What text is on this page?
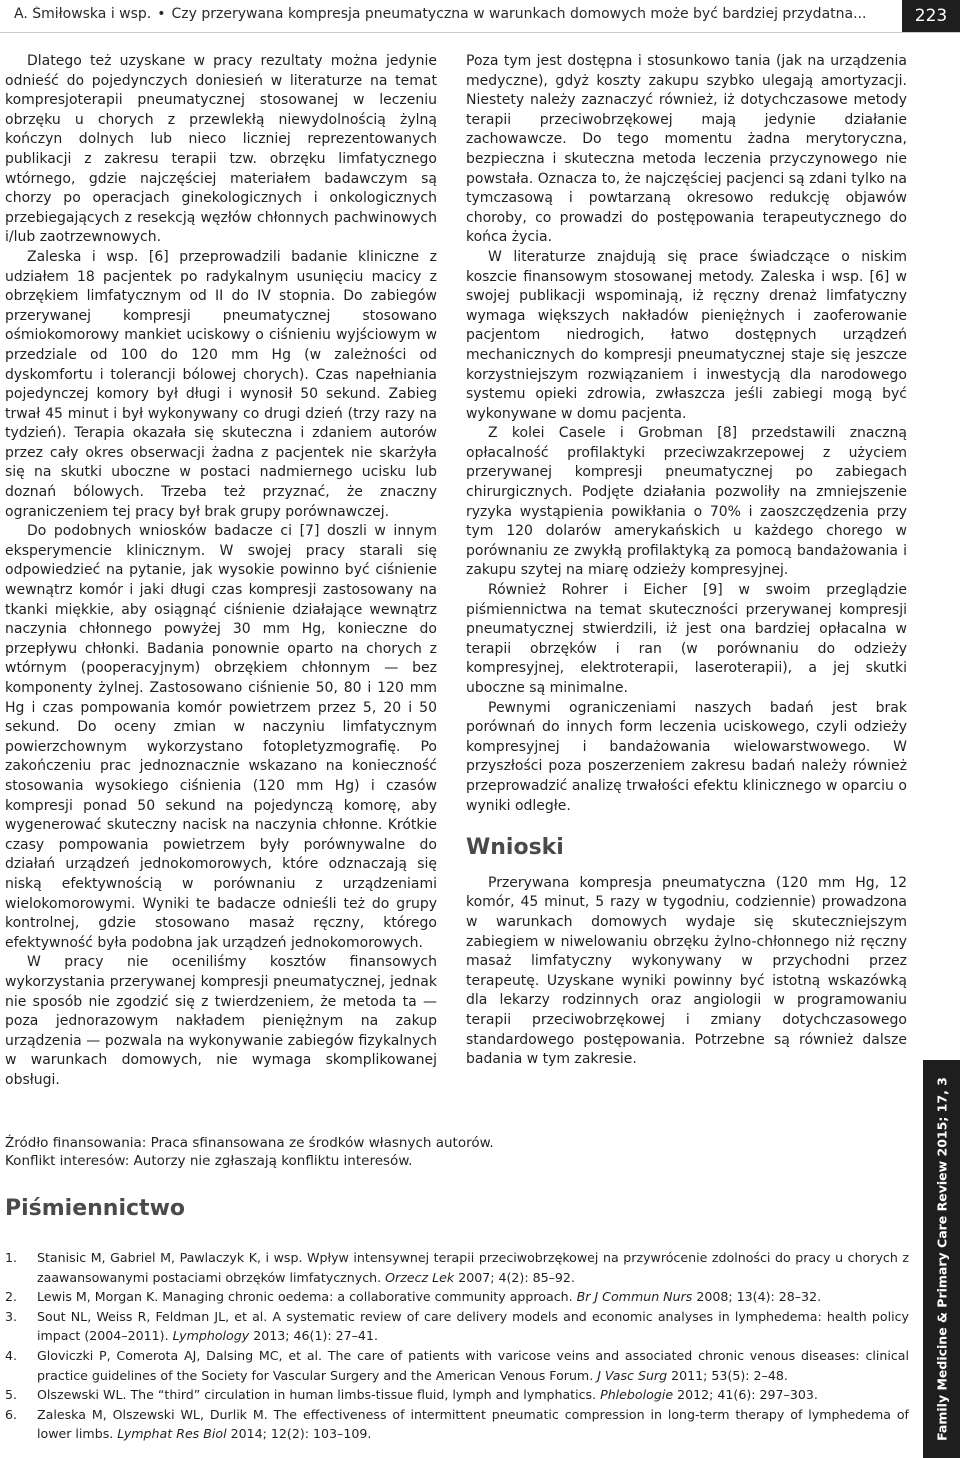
A. Śmiłowska i wsp. • Czy przerywana kompresja pneumatyczna w warunkach domowych może być bardziej przydatna...	223

Dlatego też uzyskane w pracy rezultaty można jedynie odnieść do pojedynczych doniesień w literaturze na temat kompresjoterapii pneumatycznej stosowanej w leczeniu obrzęku u chorych z przewlekłą niewydolnością żylną kończyn dolnych lub nieco liczniej reprezentowanych publikacji z zakresu terapii tzw. obrzęku limfatycznego wtórnego, gdzie najczęściej materiałem badawczym są chorzy po operacjach ginekologicznych i onkologicznych przebiegających z resekcją węzłów chłonnych pachwinowych i/lub zaotrzewnowych.

Zaleska i wsp. [6] przeprowadzili badanie kliniczne z udziałem 18 pacjentek po radykalnym usunięciu macicy z obrzękiem limfatycznym od II do IV stopnia. Do zabiegów przerywanej kompresji pneumatycznej stosowano ośmiokomorowy mankiet uciskowy o ciśnieniu wyjściowym w przedziale od 100 do 120 mm Hg (w zależności od dyskomfortu i tolerancji bólowej chorych). Czas napełniania pojedynczej komory był długi i wynosił 50 sekund. Zabieg trwał 45 minut i był wykonywany co drugi dzień (trzy razy na tydzień). Terapia okazała się skuteczna i zdaniem autorów przez cały okres obserwacji żadna z pacjentek nie skarżyła się na skutki uboczne w postaci nadmiernego ucisku lub doznań bólowych. Trzeba też przyznać, że znaczny ograniczeniem tej pracy był brak grupy porównawczej.

Do podobnych wniosków badacze ci [7] doszli w innym eksperymencie klinicznym. W swojej pracy starali się odpowiedzieć na pytanie, jak wysokie powinno być ciśnienie wewnątrz komór i jaki długi czas kompresji zastosowany na tkanki miękkie, aby osiągnąć ciśnienie działające wewnątrz naczynia chłonnego powyżej 30 mm Hg, konieczne do przepływu chłonki. Badania ponownie oparto na chorych z wtórnym (pooperacyjnym) obrzękiem chłonnym — bez komponenty żylnej. Zastosowano ciśnienie 50, 80 i 120 mm Hg i czas pompowania komór powietrzem przez 5, 20 i 50 sekund. Do oceny zmian w naczyniu limfatycznym powierzchownym wykorzystano fotopletyzmografię. Po zakończeniu prac jednoznacznie wskazano na konieczność stosowania wysokiego ciśnienia (120 mm Hg) i czasów kompresji ponad 50 sekund na pojedynczą komorę, aby wygenerować skuteczny nacisk na naczynia chłonne. Krótkie czasy pompowania powietrzem były porównywalne do działań urządzeń jednokomorowych, które odznaczają się niską efektywnością w porównaniu z urządzeniami wielokomorowymi. Wyniki te badacze odnieśli też do grupy kontrolnej, gdzie stosowano masaż ręczny, którego efektywność była podobna jak urządzeń jednokomorowych.

W pracy nie oceniliśmy kosztów finansowych wykorzystania przerywanej kompresji pneumatycznej, jednak nie sposób nie zgodzić się z twierdzeniem, że metoda ta — poza jednorazowym nakładem pieniężnym na zakup urządzenia — pozwala na wykonywanie zabiegów fizykalnych w warunkach domowych, nie wymaga skomplikowanej obsługi.

Poza tym jest dostępna i stosunkowo tania (jak na urządzenia medyczne), gdyż koszty zakupu szybko ulegają amortyzacji. Niestety należy zaznaczyć również, iż dotychczasowe metody terapii przeciwobrzękowej mają jedynie działanie zachowawcze. Do tego momentu żadna merytoryczna, bezpieczna i skuteczna metoda leczenia przyczynowego nie powstała. Oznacza to, że najczęściej pacjenci są zdani tylko na tymczasową i powtarzaną okresowo redukcję objawów choroby, co prowadzi do postępowania terapeutycznego do końca życia.

W literaturze znajdują się prace świadczące o niskim koszcie finansowym stosowanej metody. Zaleska i wsp. [6] w swojej publikacji wspominają, iż ręczny drenaż limfatyczny wymaga większych nakładów pieniężnych i zaoferowanie pacjentom niedrogich, łatwo dostępnych urządzeń mechanicznych do kompresji pneumatycznej staje się jeszcze korzystniejszym rozwiązaniem i inwestycją dla narodowego systemu opieki zdrowia, zwłaszcza jeśli zabiegi mogą być wykonywane w domu pacjenta.

Z kolei Casele i Grobman [8] przedstawili znaczną opłacalność profilaktyki przeciwzakrzepowej z użyciem przerywanej kompresji pneumatycznej po zabiegach chirurgicznych. Podjęte działania pozwoliły na zmniejszenie ryzyka wystąpienia powikłania o 70% i zaoszczędzenia przy tym 120 dolarów amerykańskich u każdego chorego w porównaniu ze zwykłą profilaktyką za pomocą bandażowania i zakupu szytej na miarę odzieży kompresyjnej.

Również Rohrer i Eicher [9] w swoim przeglądzie piśmiennictwa na temat skuteczności przerywanej kompresji pneumatycznej stwierdzili, iż jest ona bardziej opłacalna w terapii obrzęków i ran (w porównaniu do odzieży kompresyjnej, elektroterapii, laseroterapii), a jej skutki uboczne są minimalne.

Pewnymi ograniczeniami naszych badań jest brak porównań do innych form leczenia uciskowego, czyli odzieży kompresyjnej i bandażowania wielowarstwowego. W przyszłości poza poszerzeniem zakresu badań należy również przeprowadzić analizę trwałości efektu klinicznego w oparciu o wyniki odległe.

Wnioski

Przerywana kompresja pneumatyczna (120 mm Hg, 12 komór, 45 minut, 5 razy w tygodniu, codziennie) prowadzona w warunkach domowych wydaje się skuteczniejszym zabiegiem w niwelowaniu obrzęku żylno-chłonnego niż ręczny masaż limfatyczny wykonywany w przychodni przez terapeutę. Uzyskane wyniki powinny być istotną wskazówką dla lekarzy rodzinnych oraz angiologii w programowaniu terapii przeciwobrzękowej i zmiany dotychczasowego standardowego postępowania. Potrzebne są również dalsze badania w tym zakresie.

Źródło finansowania: Praca sfinansowana ze środków własnych autorów.
Konflikt interesów: Autorzy nie zgłaszają konfliktu interesów.
Piśmiennictwo
1.	Stanisic M, Gabriel M, Pawlaczyk K, i wsp. Wpływ intensywnej terapii przeciwobrzękowej na przywrócenie zdolności do pracy u chorych z zaawansowanymi postaciami obrzęków limfatycznych. Orzecz Lek 2007; 4(2): 85–92.
2.	Lewis M, Morgan K. Managing chronic oedema: a collaborative community approach. Br J Commun Nurs 2008; 13(4): 28–32.
3.	Sout NL, Weiss R, Feldman JL, et al. A systematic review of care delivery models and economic analyses in lymphedema: health policy impact (2004–2011). Lymphology 2013; 46(1): 27–41.
4.	Gloviczki P, Comerota AJ, Dalsing MC, et al. The care of patients with varicose veins and associated chronic venous diseases: clinical practice guidelines of the Society for Vascular Surgery and the American Venous Forum. J Vasc Surg 2011; 53(5): 2–48.
5.	Olszewski WL. The “third” circulation in human limbs-tissue fluid, lymph and lymphatics. Phlebologie 2012; 41(6): 297–303.
6.	Zaleska M, Olszewski WL, Durlik M. The effectiveness of intermittent pneumatic compression in long-term therapy of lymphedema of lower limbs. Lymphat Res Biol 2014; 12(2): 103–109.	Family Medicine & Primary Care Review 2015; 17, 3
